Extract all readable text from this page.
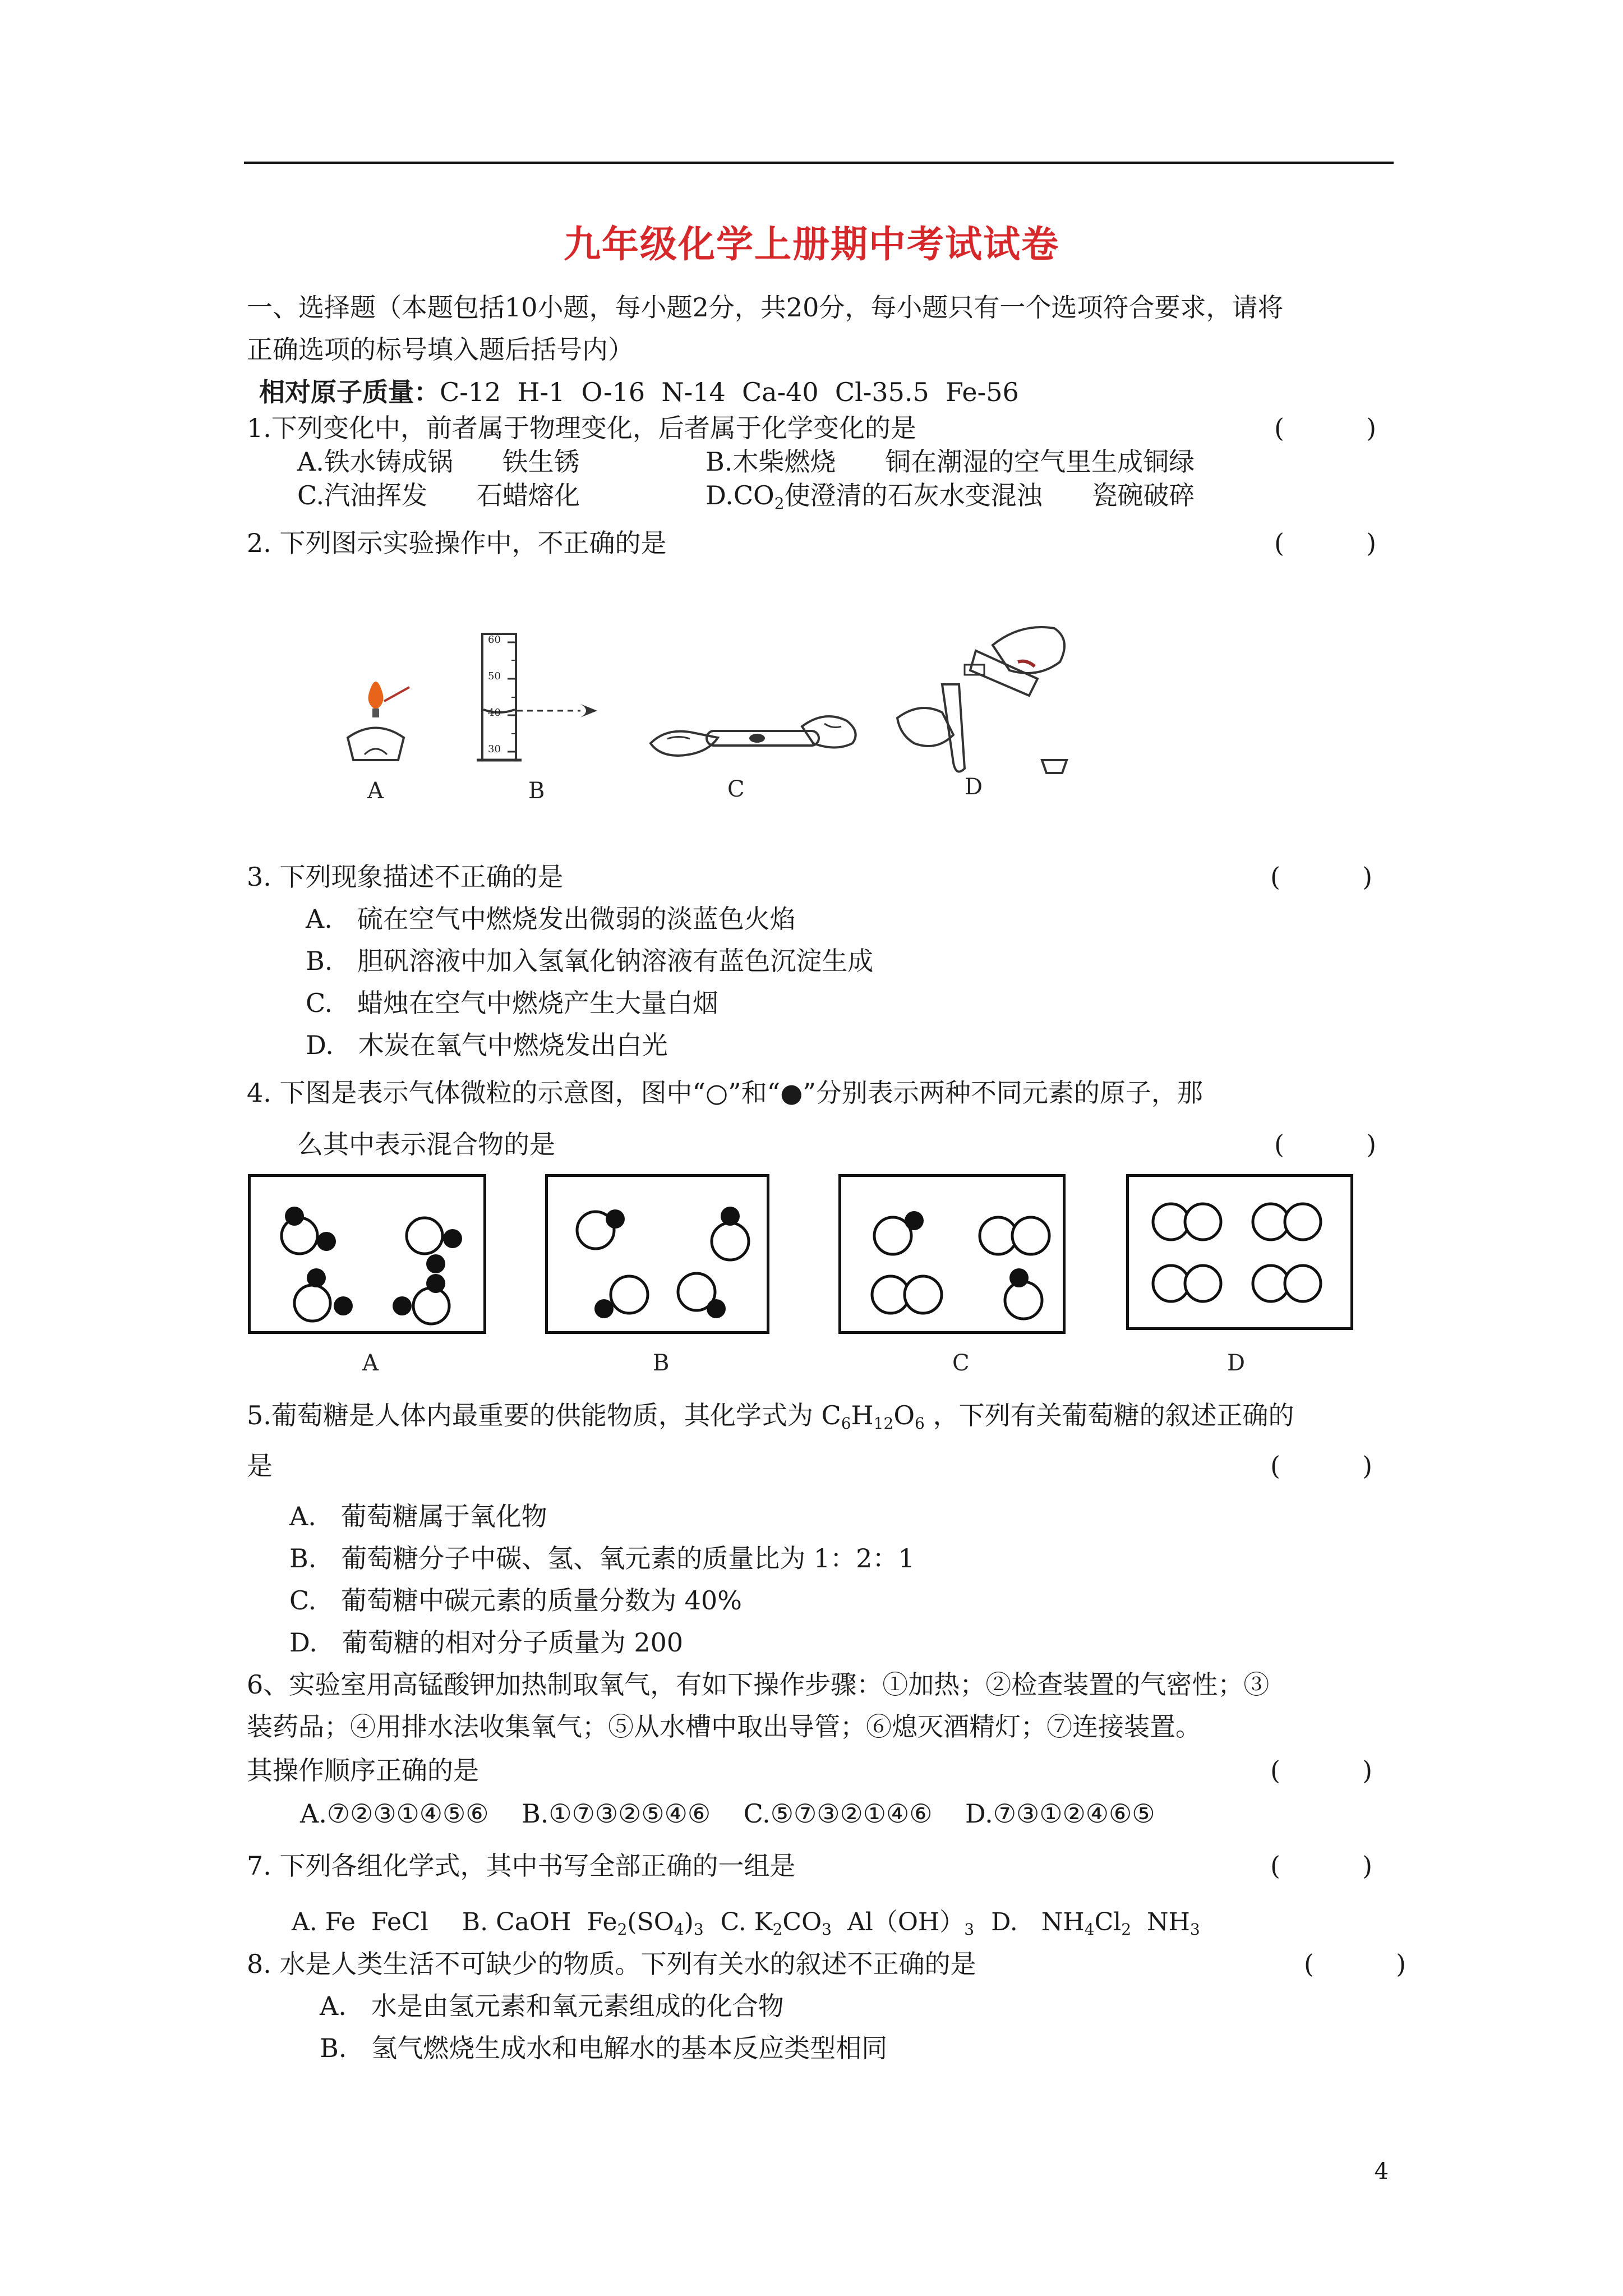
九年级化学上册期中考试试卷
一、选择题（本题包括10小题，每小题2分，共20分，每小题只有一个选项符合要求，请将
正确选项的标号填入题后括号内）
相对原子质量：C-12  H-1  O-16  N-14  Ca-40  Cl-35.5  Fe-56
1.下列变化中，前者属于物理变化，后者属于化学变化的是	(          )
A.铁水铸成锅      铁生锈	B.木柴燃烧      铜在潮湿的空气里生成铜绿
C.汽油挥发      石蜡熔化	$D.CO_2$使澄清的石灰水变混浊      瓷碗破碎
2. 下列图示实验操作中，不正确的是	(          )
A
60
50
40
30
B	C	D
3. 下列现象描述不正确的是	(          )
A.   硫在空气中燃烧发出微弱的淡蓝色火焰
B.   胆矾溶液中加入氢氧化钠溶液有蓝色沉淀生成
C.   蜡烛在空气中燃烧产生大量白烟
D.   木炭在氧气中燃烧发出白光
4. 下图是表示气体微粒的示意图，图中“○”和“●”分别表示两种不同元素的原子，那
么其中表示混合物的是	(          )
A	B	C	D
5.葡萄糖是人体内最重要的供能物质，其化学式为 $C_6H_{12}O_6$ ，下列有关葡萄糖的叙述正确的
是	(          )
A.   葡萄糖属于氧化物
B.   葡萄糖分子中碳、氢、氧元素的质量比为 1：2：1
C.   葡萄糖中碳元素的质量分数为 40%
D.   葡萄糖的相对分子质量为 200
6、实验室用高锰酸钾加热制取氧气，有如下操作步骤：①加热；②检查装置的气密性；③
装药品；④用排水法收集氧气；⑤从水槽中取出导管；⑥熄灭酒精灯；⑦连接装置。
其操作顺序正确的是	(          )
A.⑦②③①④⑤⑥    B.①⑦③②⑤④⑥    C.⑤⑦③②①④⑥    D.⑦③①②④⑥⑤
7. 下列各组化学式，其中书写全部正确的一组是	(          )
A. Fe  FeCl B. CaOH  $Fe_2(SO_4)_3$ C. $K_2CO_3$  $Al(OH)_3$ D.   $NH_4Cl_2$  $NH_3$
8. 水是人类生活不可缺少的物质。下列有关水的叙述不正确的是	(          )
A.   水是由氢元素和氧元素组成的化合物
B.   氢气燃烧生成水和电解水的基本反应类型相同
4
